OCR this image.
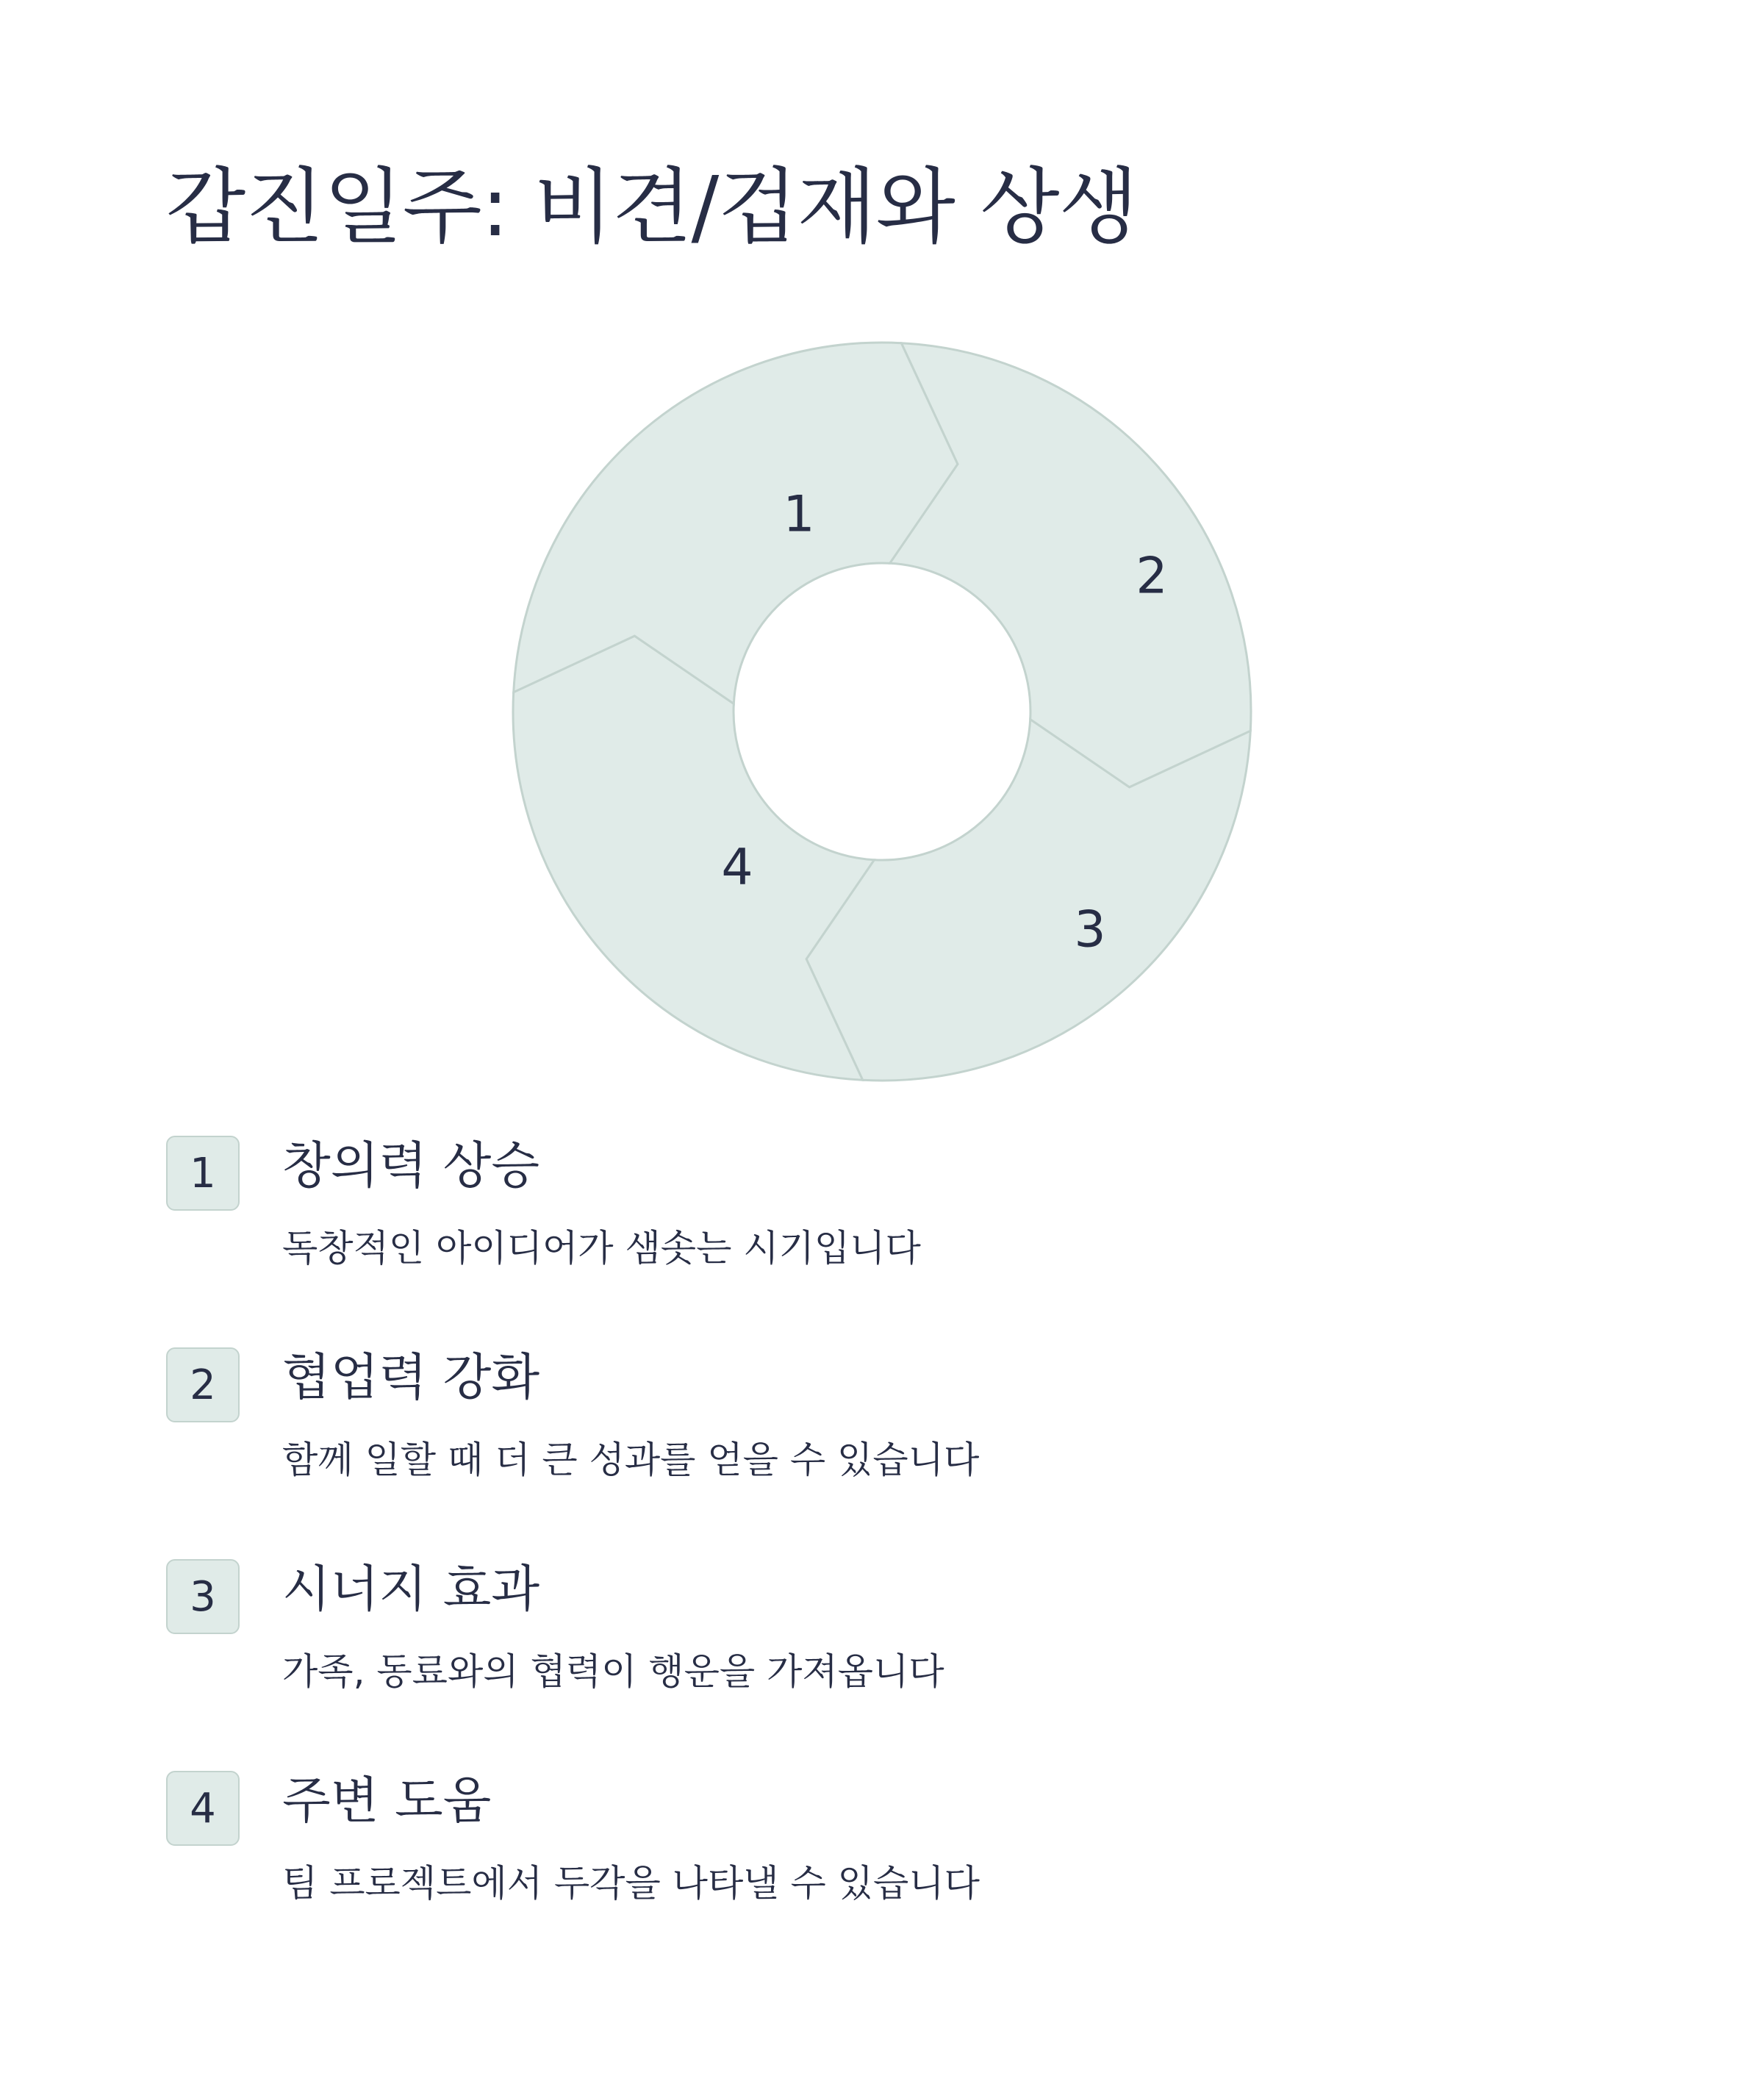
갑진일주: 비견/겁재와 상생
1
2
3
4
1	창의력 상승

독창적인 아이디어가 샘솟는 시기입니다

2	협업력 강화

함께 일할 때 더 큰 성과를 얻을 수 있습니다

3	시너지 효과

가족, 동료와의 협력이 행운을 가져옵니다

4	주변 도움

팀 프로젝트에서 두각을 나타낼 수 있습니다
